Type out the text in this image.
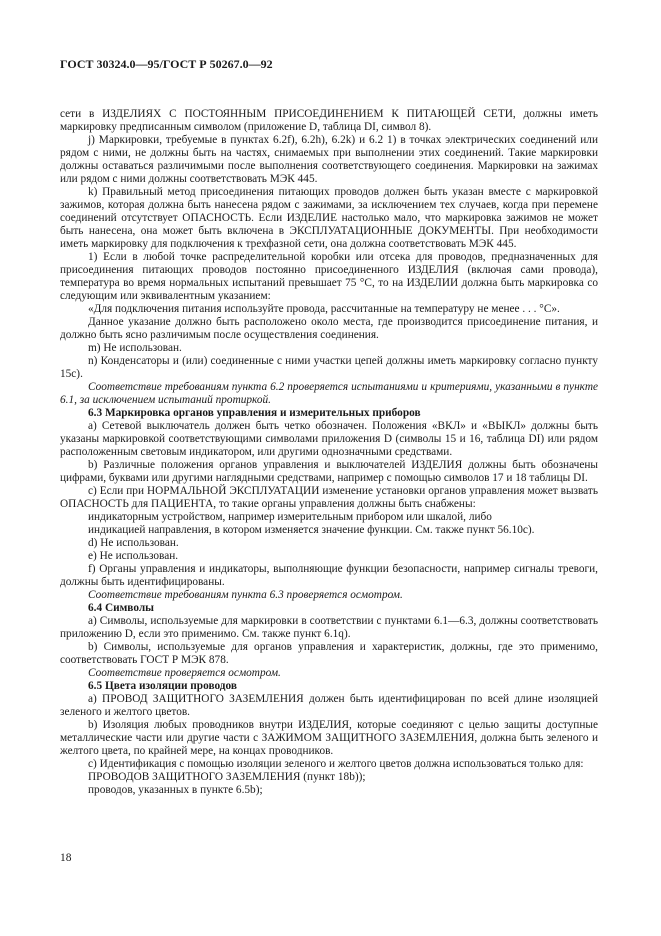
ГОСТ 30324.0—95/ГОСТ Р 50267.0—92

сети в ИЗДЕЛИЯХ С ПОСТОЯННЫМ ПРИСОЕДИНЕНИЕМ К ПИТАЮЩЕЙ СЕТИ, должны иметь маркировку предписанным символом (приложение D, таблица DI, символ 8).

j) Маркировки, требуемые в пунктах 6.2f), 6.2h), 6.2k) и 6.2 1) в точках электрических соединений или рядом с ними, не должны быть на частях, снимаемых при выполнении этих соединений. Такие маркировки должны оставаться различимыми после выполнения соответствующего соединения. Маркировки на зажимах или рядом с ними должны соответствовать МЭК 445.

k) Правильный метод присоединения питающих проводов должен быть указан вместе с маркировкой зажимов, которая должна быть нанесена рядом с зажимами, за исключением тех случаев, когда при перемене соединений отсутствует ОПАСНОСТЬ. Если ИЗДЕЛИЕ настолько мало, что маркировка зажимов не может быть нанесена, она может быть включена в ЭКСПЛУАТАЦИОННЫЕ ДОКУМЕНТЫ. При необходимости иметь маркировку для подключения к трехфазной сети, она должна соответствовать МЭК 445.

1) Если в любой точке распределительной коробки или отсека для проводов, предназначенных для присоединения питающих проводов постоянно присоединенного ИЗДЕЛИЯ (включая сами провода), температура во время нормальных испытаний превышает 75 °С, то на ИЗДЕЛИИ должна быть маркировка со следующим или эквивалентным указанием:

«Для подключения питания используйте провода, рассчитанные на температуру не менее . . . °С».

Данное указание должно быть расположено около места, где производится присоединение питания, и должно быть ясно различимым после осуществления соединения.

m) Не использован.

n) Конденсаторы и (или) соединенные с ними участки цепей должны иметь маркировку согласно пункту 15с).

Соответствие требованиям пункта 6.2 проверяется испытаниями и критериями, указанными в пункте 6.1, за исключением испытаний протиркой.

6.3 Маркировка органов управления и измерительных приборов

а) Сетевой выключатель должен быть четко обозначен. Положения «ВКЛ» и «ВЫКЛ» должны быть указаны маркировкой соответствующими символами приложения D (символы 15 и 16, таблица DI) или рядом расположенным световым индикатором, или другими однозначными средствами.

b) Различные положения органов управления и выключателей ИЗДЕЛИЯ должны быть обозначены цифрами, буквами или другими наглядными средствами, например с помощью символов 17 и 18 таблицы DI.

с) Если при НОРМАЛЬНОЙ ЭКСПЛУАТАЦИИ изменение установки органов управления может вызвать ОПАСНОСТЬ для ПАЦИЕНТА, то такие органы управления должны быть снабжены:

индикаторным устройством, например измерительным прибором или шкалой, либо

индикацией направления, в котором изменяется значение функции. См. также пункт 56.10с).

d) Не использован.

е) Не использован.

f) Органы управления и индикаторы, выполняющие функции безопасности, например сигналы тревоги, должны быть идентифицированы.

Соответствие требованиям пункта 6.3 проверяется осмотром.

6.4 Символы

а) Символы, используемые для маркировки в соответствии с пунктами 6.1—6.3, должны соответствовать приложению D, если это применимо. См. также пункт 6.1q).

b) Символы, используемые для органов управления и характеристик, должны, где это применимо, соответствовать ГОСТ Р МЭК 878.

Соответствие проверяется осмотром.

6.5 Цвета изоляции проводов

а) ПРОВОД ЗАЩИТНОГО ЗАЗЕМЛЕНИЯ должен быть идентифицирован по всей длине изоляцией зеленого и желтого цветов.

b) Изоляция любых проводников внутри ИЗДЕЛИЯ, которые соединяют с целью защиты доступные металлические части или другие части с ЗАЖИМОМ ЗАЩИТНОГО ЗАЗЕМЛЕНИЯ, должна быть зеленого и желтого цвета, по крайней мере, на концах проводников.

с) Идентификация с помощью изоляции зеленого и желтого цветов должна использоваться только для:

ПРОВОДОВ ЗАЩИТНОГО ЗАЗЕМЛЕНИЯ (пункт 18b));

проводов, указанных в пункте 6.5b);

18
